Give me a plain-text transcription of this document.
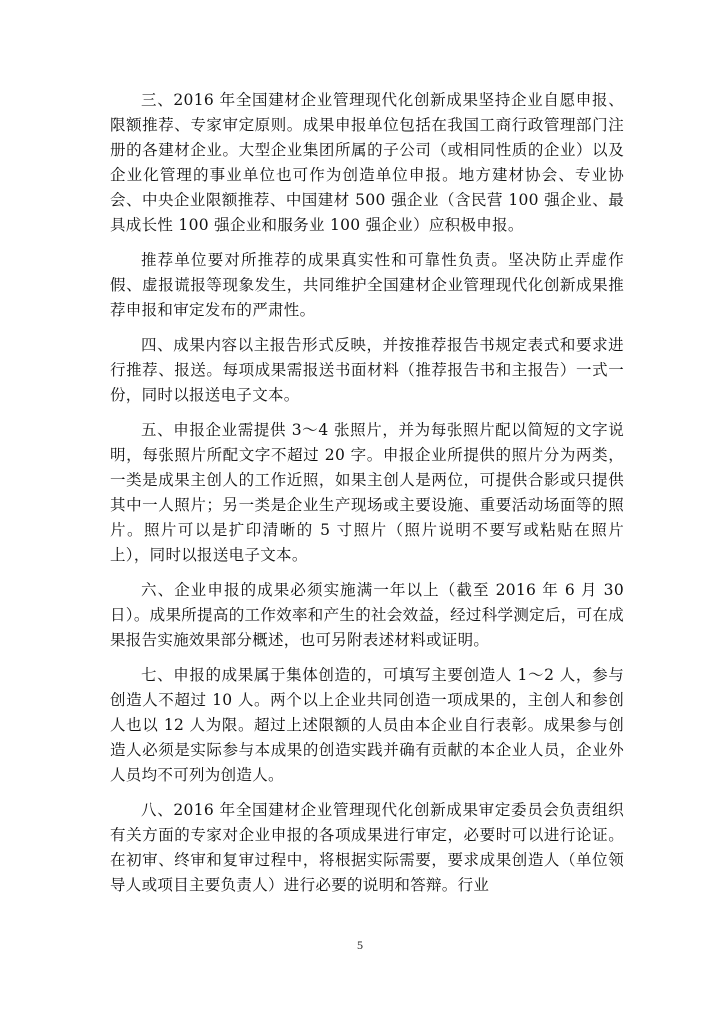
三、2016 年全国建材企业管理现代化创新成果坚持企业自愿申报、限额推荐、专家审定原则。成果申报单位包括在我国工商行政管理部门注册的各建材企业。大型企业集团所属的子公司（或相同性质的企业）以及企业化管理的事业单位也可作为创造单位申报。地方建材协会、专业协会、中央企业限额推荐、中国建材 500 强企业（含民营 100 强企业、最具成长性 100 强企业和服务业 100 强企业）应积极申报。

推荐单位要对所推荐的成果真实性和可靠性负责。坚决防止弄虚作假、虚报谎报等现象发生，共同维护全国建材企业管理现代化创新成果推荐申报和审定发布的严肃性。

四、成果内容以主报告形式反映，并按推荐报告书规定表式和要求进行推荐、报送。每项成果需报送书面材料（推荐报告书和主报告）一式一份，同时以报送电子文本。

五、申报企业需提供 3～4 张照片，并为每张照片配以简短的文字说明，每张照片所配文字不超过 20 字。申报企业所提供的照片分为两类，一类是成果主创人的工作近照，如果主创人是两位，可提供合影或只提供其中一人照片；另一类是企业生产现场或主要设施、重要活动场面等的照片。照片可以是扩印清晰的 5 寸照片（照片说明不要写或粘贴在照片上），同时以报送电子文本。

六、企业申报的成果必须实施满一年以上（截至 2016 年 6 月 30 日）。成果所提高的工作效率和产生的社会效益，经过科学测定后，可在成果报告实施效果部分概述，也可另附表述材料或证明。

七、申报的成果属于集体创造的，可填写主要创造人 1～2 人，参与创造人不超过 10 人。两个以上企业共同创造一项成果的，主创人和参创人也以 12 人为限。超过上述限额的人员由本企业自行表彰。成果参与创造人必须是实际参与本成果的创造实践并确有贡献的本企业人员，企业外人员均不可列为创造人。

八、2016 年全国建材企业管理现代化创新成果审定委员会负责组织有关方面的专家对企业申报的各项成果进行审定，必要时可以进行论证。在初审、终审和复审过程中，将根据实际需要，要求成果创造人（单位领导人或项目主要负责人）进行必要的说明和答辩。行业

5
